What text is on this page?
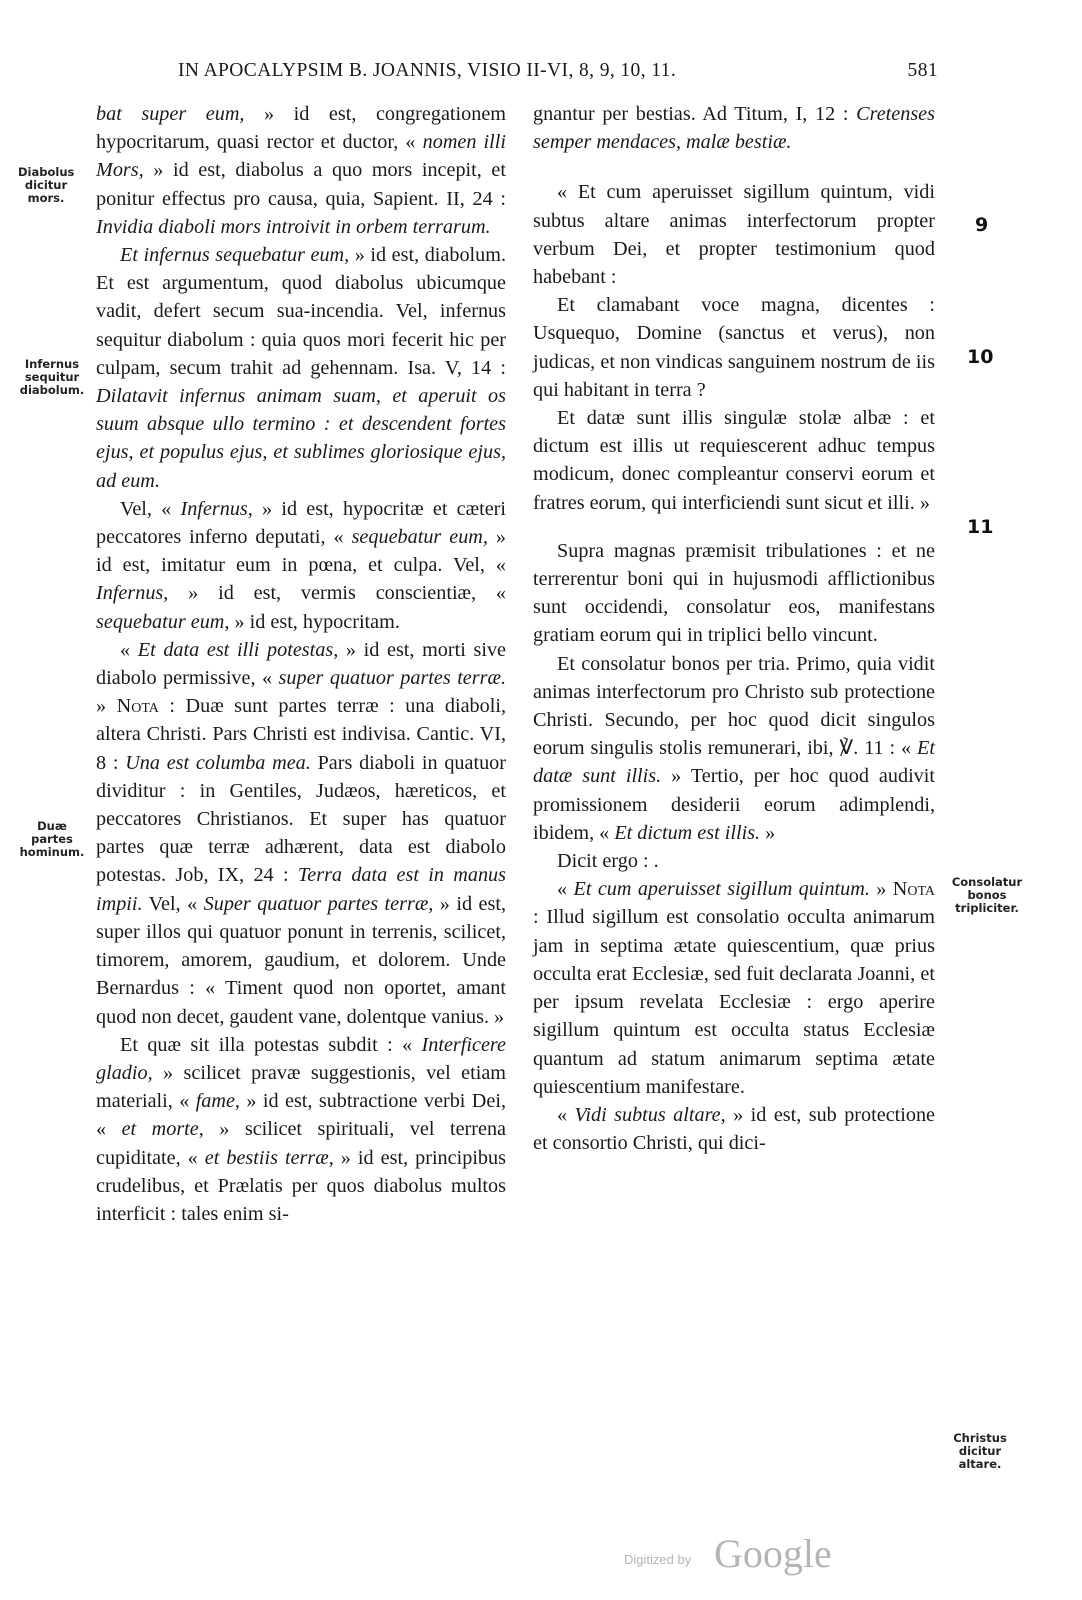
IN APOCALYPSIM B. JOANNIS, VISIO II-VI, 8, 9, 10, 11.	581
Diabolus dicitur mors.
Infernus sequitur diabolum.
Duæ partes hominum.
Consolatur bonos tripliciter.
Christus dicitur altare.
9
10
11

bat super eum, » id est, congregationem hypocritarum, quasi rector et ductor, « nomen illi Mors, » id est, diabolus a quo mors incepit, et ponitur effectus pro causa, quia, Sapient. II, 24 : Invidia diaboli mors introivit in orbem terrarum.

Et infernus sequebatur eum, » id est, diabolum. Et est argumentum, quod diabolus ubicumque vadit, defert secum sua-incendia. Vel, infernus sequitur diabolum : quia quos mori fecerit hic per culpam, secum trahit ad gehennam. Isa. V, 14 : Dilatavit infernus animam suam, et aperuit os suum absque ullo termino : et descendent fortes ejus, et populus ejus, et sublimes gloriosique ejus, ad eum.

Vel, « Infernus, » id est, hypocritæ et cæteri peccatores inferno deputati, « sequebatur eum, » id est, imitatur eum in pœna, et culpa. Vel, « Infernus, » id est, vermis conscientiæ, « sequebatur eum, » id est, hypocritam.

« Et data est illi potestas, » id est, morti sive diabolo permissive, « super quatuor partes terræ. » Nota : Duæ sunt partes terræ : una diaboli, altera Christi. Pars Christi est indivisa. Cantic. VI, 8 : Una est columba mea. Pars diaboli in quatuor dividitur : in Gentiles, Judæos, hæreticos, et peccatores Christianos. Et super has quatuor partes quæ terræ adhærent, data est diabolo potestas. Job, IX, 24 : Terra data est in manus impii. Vel, « Super quatuor partes terræ, » id est, super illos qui quatuor ponunt in terrenis, scilicet, timorem, amorem, gaudium, et dolorem. Unde Bernardus : « Timent quod non oportet, amant quod non decet, gaudent vane, dolentque vanius. »

Et quæ sit illa potestas subdit : « Interficere gladio, » scilicet pravæ suggestionis, vel etiam materiali, « fame, » id est, subtractione verbi Dei, « et morte, » scilicet spirituali, vel terrena cupiditate, « et bestiis terræ, » id est, principibus crudelibus, et Prælatis per quos diabolus multos interficit : tales enim si-

gnantur per bestias. Ad Titum, I, 12 : Cretenses semper mendaces, malæ bestiæ.

« Et cum aperuisset sigillum quintum, vidi subtus altare animas interfectorum propter verbum Dei, et propter testimonium quod habebant :

Et clamabant voce magna, dicentes : Usquequo, Domine (sanctus et verus), non judicas, et non vindicas sanguinem nostrum de iis qui habitant in terra ?

Et datæ sunt illis singulæ stolæ albæ : et dictum est illis ut requiescerent adhuc tempus modicum, donec compleantur conservi eorum et fratres eorum, qui interficiendi sunt sicut et illi. »

Supra magnas præmisit tribulationes : et ne terrerentur boni qui in hujusmodi afflictionibus sunt occidendi, consolatur eos, manifestans gratiam eorum qui in triplici bello vincunt.

Et consolatur bonos per tria. Primo, quia vidit animas interfectorum pro Christo sub protectione Christi. Secundo, per hoc quod dicit singulos eorum singulis stolis remunerari, ibi, ℣. 11 : « Et datæ sunt illis. » Tertio, per hoc quod audivit promissionem desiderii eorum adimplendi, ibidem, « Et dictum est illis. »

Dicit ergo : .

« Et cum aperuisset sigillum quintum. » Nota : Illud sigillum est consolatio occulta animarum jam in septima ætate quiescentium, quæ prius occulta erat Ecclesiæ, sed fuit declarata Joanni, et per ipsum revelata Ecclesiæ : ergo aperire sigillum quintum est occulta status Ecclesiæ quantum ad statum animarum septima ætate quiescentium manifestare.

« Vidi subtus altare, » id est, sub protectione et consortio Christi, qui dici-

Digitized by Google
